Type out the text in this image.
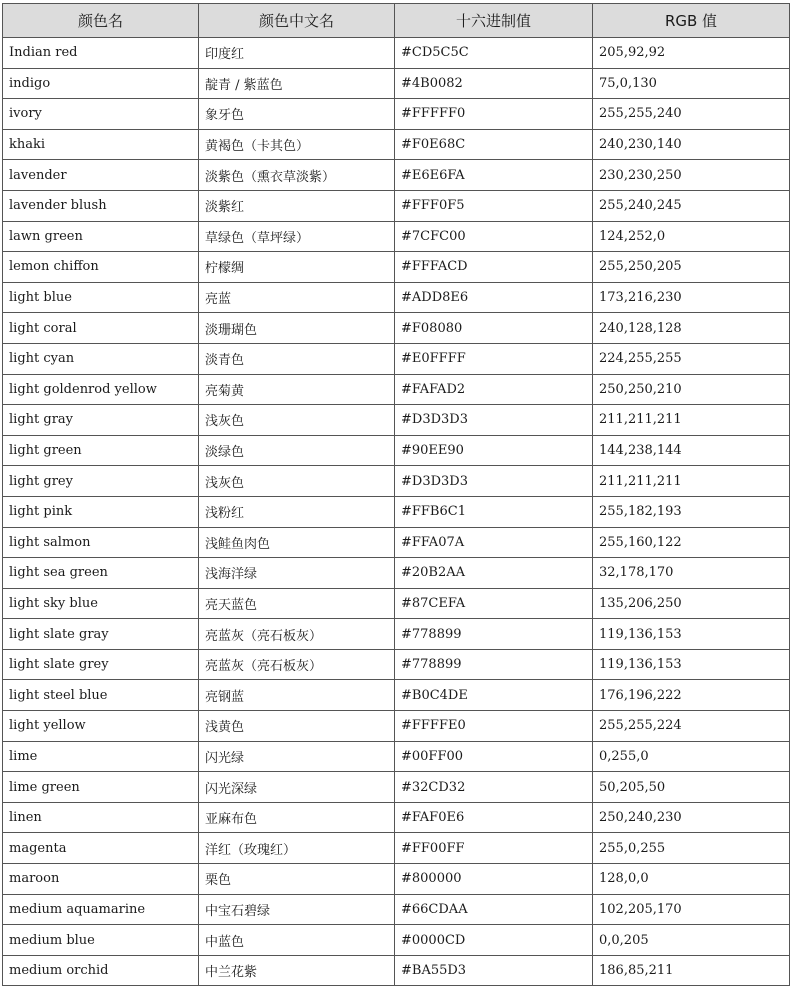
颜色名	颜色中文名	十六进制值	RGB 值
Indian red	印度红	#CD5C5C	205,92,92
indigo	靛青 / 紫蓝色	#4B0082	75,0,130
ivory	象牙色	#FFFFF0	255,255,240
khaki	黄褐色（卡其色）	#F0E68C	240,230,140
lavender	淡紫色（熏衣草淡紫）	#E6E6FA	230,230,250
lavender blush	淡紫红	#FFF0F5	255,240,245
lawn green	草绿色（草坪绿）	#7CFC00	124,252,0
lemon chiffon	柠檬绸	#FFFACD	255,250,205
light blue	亮蓝	#ADD8E6	173,216,230
light coral	淡珊瑚色	#F08080	240,128,128
light cyan	淡青色	#E0FFFF	224,255,255
light goldenrod yellow	亮菊黄	#FAFAD2	250,250,210
light gray	浅灰色	#D3D3D3	211,211,211
light green	淡绿色	#90EE90	144,238,144
light grey	浅灰色	#D3D3D3	211,211,211
light pink	浅粉红	#FFB6C1	255,182,193
light salmon	浅鲑鱼肉色	#FFA07A	255,160,122
light sea green	浅海洋绿	#20B2AA	32,178,170
light sky blue	亮天蓝色	#87CEFA	135,206,250
light slate gray	亮蓝灰（亮石板灰）	#778899	119,136,153
light slate grey	亮蓝灰（亮石板灰）	#778899	119,136,153
light steel blue	亮钢蓝	#B0C4DE	176,196,222
light yellow	浅黄色	#FFFFE0	255,255,224
lime	闪光绿	#00FF00	0,255,0
lime green	闪光深绿	#32CD32	50,205,50
linen	亚麻布色	#FAF0E6	250,240,230
magenta	洋红（玫瑰红）	#FF00FF	255,0,255
maroon	栗色	#800000	128,0,0
medium aquamarine	中宝石碧绿	#66CDAA	102,205,170
medium blue	中蓝色	#0000CD	0,0,205
medium orchid	中兰花紫	#BA55D3	186,85,211
